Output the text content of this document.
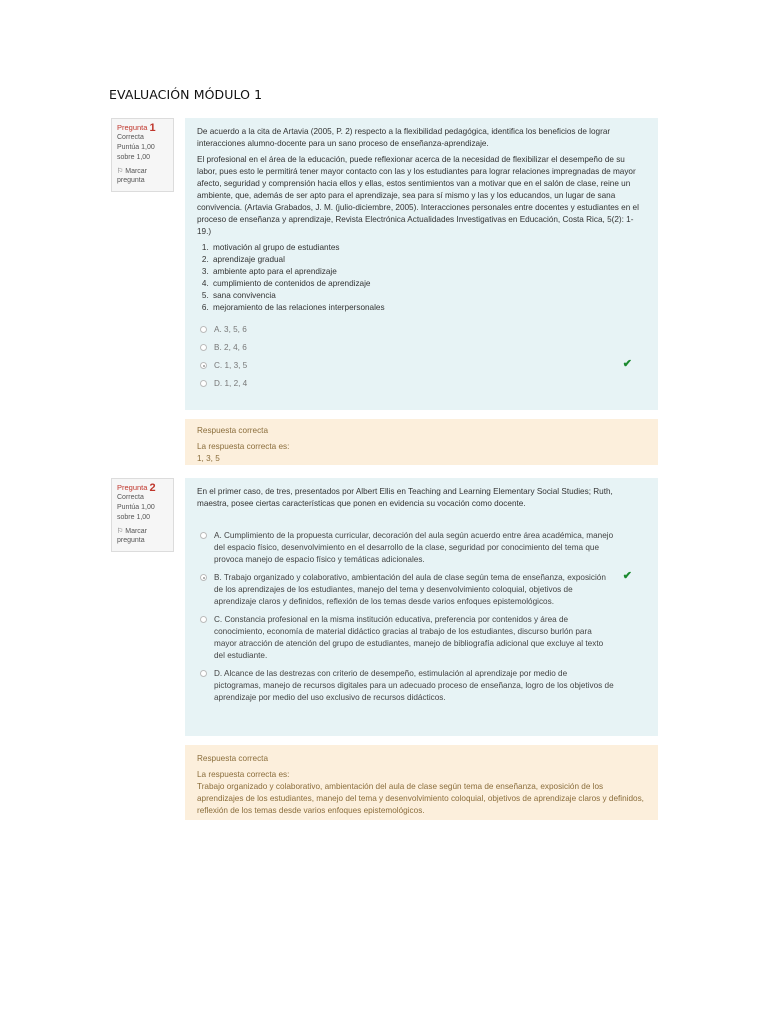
EVALUACIÓN MÓDULO 1
Pregunta 1
Correcta
Puntúa 1,00 sobre 1,00
⚐ Marcar pregunta

De acuerdo a la cita de Artavia (2005, P. 2) respecto a la flexibilidad pedagógica, identifica los beneficios de lograr interacciones alumno-docente para un sano proceso de enseñanza-aprendizaje.

El profesional en el área de la educación, puede reflexionar acerca de la necesidad de flexibilizar el desempeño de su labor, pues esto le permitirá tener mayor contacto con las y los estudiantes para lograr relaciones impregnadas de mayor afecto, seguridad y comprensión hacia ellos y ellas, estos sentimientos van a motivar que en el salón de clase, reine un ambiente, que, además de ser apto para el aprendizaje, sea para sí mismo y las y los educandos, un lugar de sana convivencia. (Artavia Grabados, J. M. (julio-diciembre, 2005). Interacciones personales entre docentes y estudiantes en el proceso de enseñanza y aprendizaje, Revista Electrónica Actualidades Investigativas en Educación, Costa Rica, 5(2): 1-19.)

1. motivación al grupo de estudiantes
2. aprendizaje gradual
3. ambiente apto para el aprendizaje
4. cumplimiento de contenidos de aprendizaje
5. sana convivencia
6. mejoramiento de las relaciones interpersonales
A. 3, 5, 6
B. 2, 4, 6
C. 1, 3, 5	✔
D. 1, 2, 4
Respuesta correcta
La respuesta correcta es:
1, 3, 5
Pregunta 2
Correcta
Puntúa 1,00 sobre 1,00
⚐ Marcar pregunta

En el primer caso, de tres, presentados por Albert Ellis en Teaching and Learning Elementary Social Studies; Ruth, maestra, posee ciertas características que ponen en evidencia su vocación como docente.

A. Cumplimiento de la propuesta curricular, decoración del aula según acuerdo entre área académica, manejo del espacio físico, desenvolvimiento en el desarrollo de la clase, seguridad por conocimiento del tema que provoca manejo de espacio físico y temáticas adicionales.
B. Trabajo organizado y colaborativo, ambientación del aula de clase según tema de enseñanza, exposición de los aprendizajes de los estudiantes, manejo del tema y desenvolvimiento coloquial, objetivos de aprendizaje claros y definidos, reflexión de los temas desde varios enfoques epistemológicos.
✔
C. Constancia profesional en la misma institución educativa, preferencia por contenidos y área de conocimiento, economía de material didáctico gracias al trabajo de los estudiantes, discurso burlón para mayor atracción de atención del grupo de estudiantes, manejo de bibliografía adicional que excluye al texto del estudiante.
D. Alcance de las destrezas con criterio de desempeño, estimulación al aprendizaje por medio de pictogramas, manejo de recursos digitales para un adecuado proceso de enseñanza, logro de los objetivos de aprendizaje por medio del uso exclusivo de recursos didácticos.
Respuesta correcta
La respuesta correcta es:
Trabajo organizado y colaborativo, ambientación del aula de clase según tema de enseñanza, exposición de los aprendizajes de los estudiantes, manejo del tema y desenvolvimiento coloquial, objetivos de aprendizaje claros y definidos, reflexión de los temas desde varios enfoques epistemológicos.
